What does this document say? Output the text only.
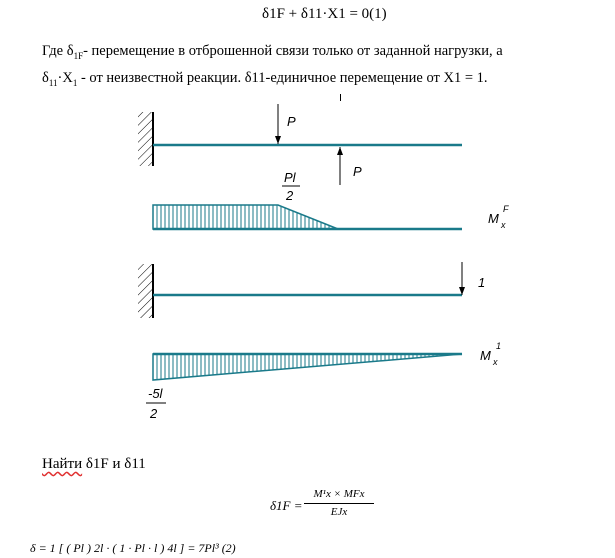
δ1F + δ11·X1 = 0(1)
Где $\delta_{1F}-$ перемещение в отброшенной связи только от заданной нагрузки, а
$\delta_{11}\cdot X_1$ - от неизвестной реакции. δ11-единичное перемещение от X1 = 1.
P
P
Pl
2
M x
F
1
M x
1
-5l
2
Найти δ1F и δ11
δ1F =
M¹x × MFx
EJx
δ = 1 [ ( Pl ) 2l · ( 1 · Pl · l ) 4l ] = 7Pl³ (2)
